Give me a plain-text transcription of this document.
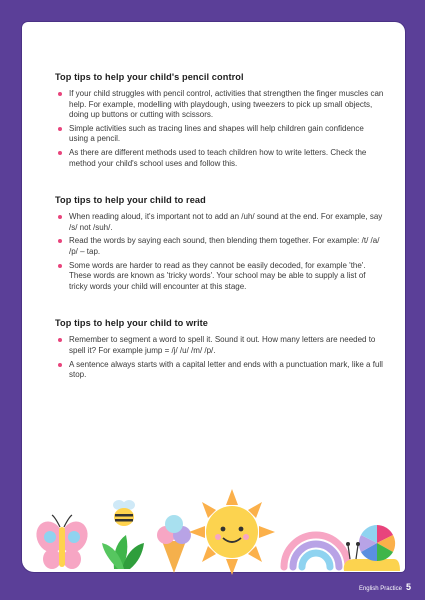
Top tips to help your child's pencil control
If your child struggles with pencil control, activities that strengthen the finger muscles can help. For example, modelling with playdough, using tweezers to pick up small objects, doing up buttons or cutting with scissors.
Simple activities such as tracing lines and shapes will help children gain confidence using a pencil.
As there are different methods used to teach children how to write letters. Check the method your child's school uses and follow this.
Top tips to help your child to read
When reading aloud, it's important not to add an /uh/ sound at the end. For example, say /s/ not /suh/.
Read the words by saying each sound, then blending them together. For example: /t/ /a/ /p/ – tap.
Some words are harder to read as they cannot be easily decoded, for example 'the'. These words are known as 'tricky words'. Your school may be able to supply a list of tricky words your child will encounter at this stage.
Top tips to help your child to write
Remember to segment a word to spell it. Sound it out. How many letters are needed to spell it? For example jump = /j/ /u/ /m/ /p/.
A sentence always starts with a capital letter and ends with a punctuation mark, like a full stop.
English Practice 5
